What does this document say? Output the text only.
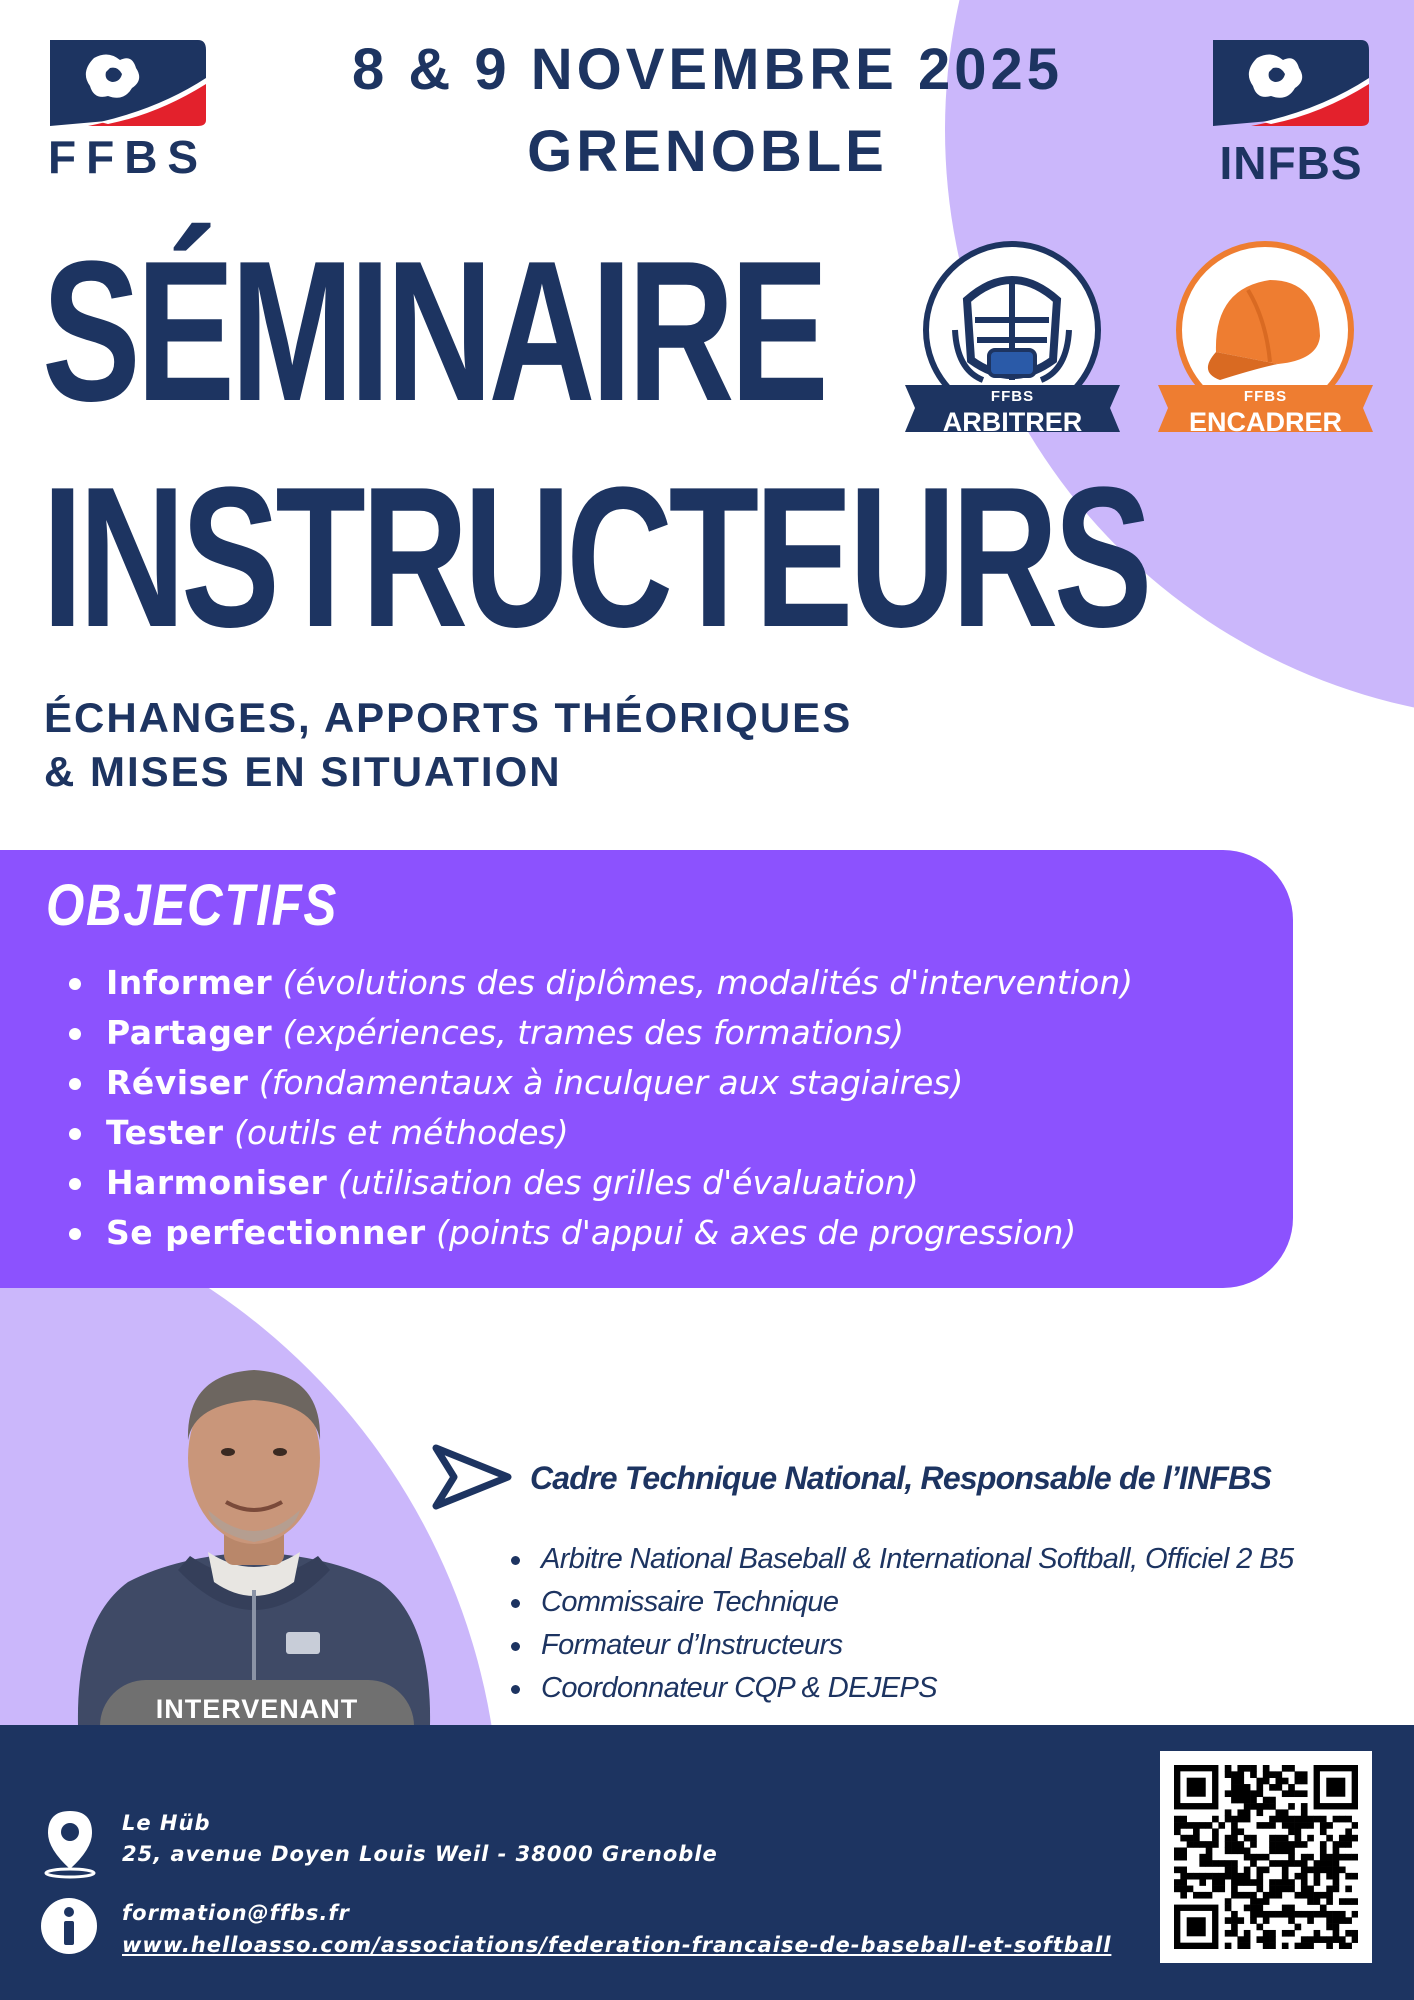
FFBS
8 & 9 NOVEMBRE 2025
GRENOBLE	INFBS
SÉMINAIRE
INSTRUCTEURS
ÉCHANGES, APPORTS THÉORIQUES
& MISES EN SITUATION
FFBS
ARBITRER
FFBS
ENCADRER
OBJECTIFS
Informer (évolutions des diplômes, modalités d'intervention)
Partager (expériences, trames des formations)
Réviser (fondamentaux à inculquer aux stagiaires)
Tester (outils et méthodes)
Harmoniser (utilisation des grilles d'évaluation)
Se perfectionner (points d'appui & axes de progression)
INTERVENANT
Cadre Technique National, Responsable de l’INFBS
Arbitre National Baseball & International Softball, Officiel 2 B5
Commissaire Technique
Formateur d’Instructeurs
Coordonnateur CQP & DEJEPS
Le Hüb
25, avenue Doyen Louis Weil - 38000 Grenoble
formation@ffbs.fr
www.helloasso.com/associations/federation-francaise-de-baseball-et-softball
